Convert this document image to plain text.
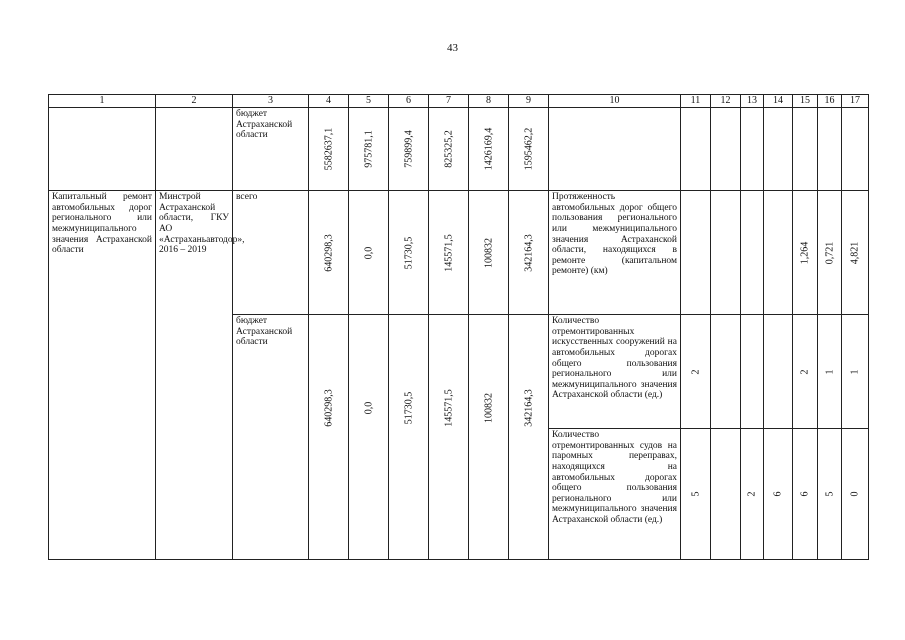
43
1	2	3	4	5	6	7	8	9	10	11	12	13	14	15	16	17
		бюджет Астраханской области	5582637,1	975781,1	759899,4	825325,2	1426169,4	1595462,2								

Капитальный ремонт автомобильных дорог регионального или межмуниципального значения Астраханской области	Минстрой Астраханской области, ГКУ АО «Астраханьавтодор», 2016 – 2019	всего	640298,3	0,0	51730,5	145571,5	100832	342164,3	Протяженность автомобильных дорог общего пользования регионального или межмуниципального значения Астраханской области, находящихся в ремонте (капитальном ремонте) (км)					1,264	0,721	4,821

		бюджет Астраханской области	640298,3	0,0	51730,5	145571,5	100832	342164,3	Количество отремонтированных искусственных сооружений на автомобильных дорогах общего пользования регионального или межмуниципального значения Астраханской области (ед.)	2				2	1	1

									Количество отремонтированных судов на паромных переправах, находящихся на автомобильных дорогах общего пользования регионального или межмуниципального значения Астраханской области (ед.)	5		2	6	6	5	0
